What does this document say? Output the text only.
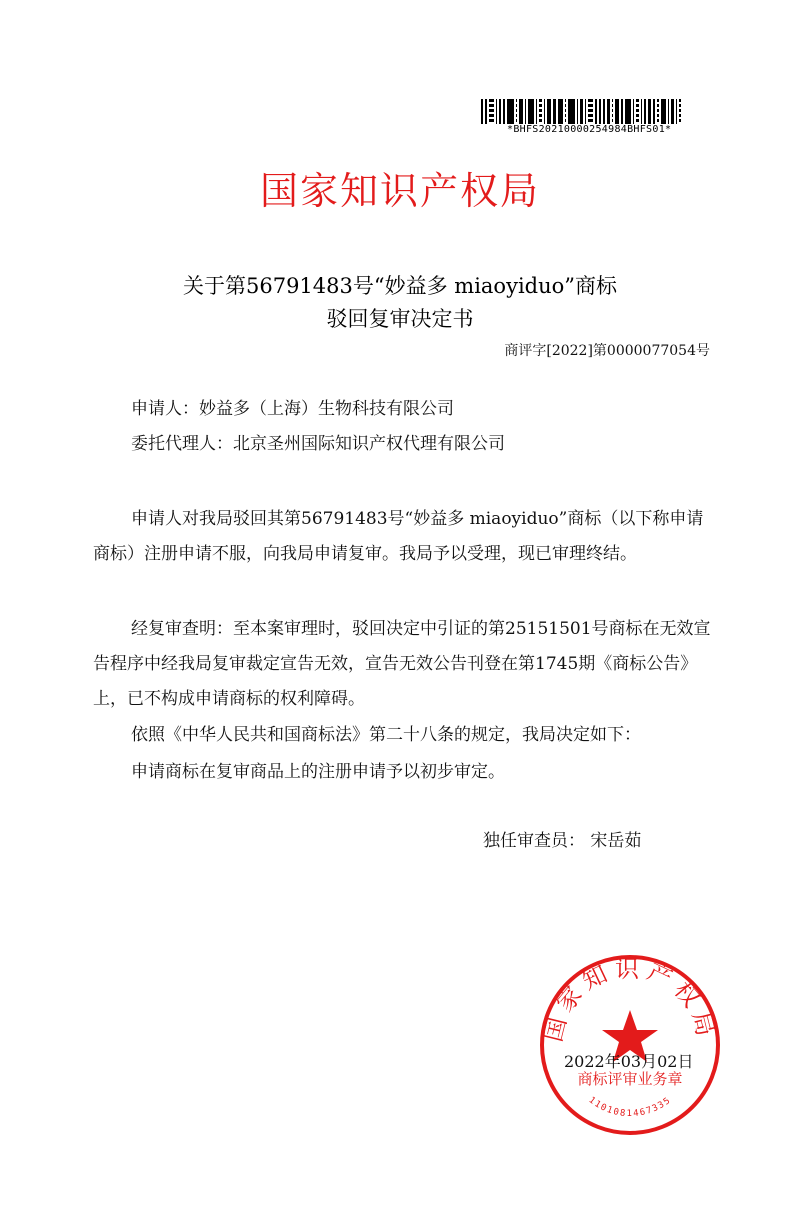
*BHFS20210000254984BHFS01*
国家知识产权局
关于第56791483号“妙益多 miaoyiduo”商标
驳回复审决定书
商评字[2022]第0000077054号
申请人：妙益多（上海）生物科技有限公司
委托代理人：北京圣州国际知识产权代理有限公司
申请人对我局驳回其第56791483号“妙益多 miaoyiduo”商标（以下称申请商标）注册申请不服，向我局申请复审。我局予以受理，现已审理终结。
经复审查明：至本案审理时，驳回决定中引证的第25151501号商标在无效宣告程序中经我局复审裁定宣告无效，宣告无效公告刊登在第1745期《商标公告》上，已不构成申请商标的权利障碍。
依照《中华人民共和国商标法》第二十八条的规定，我局决定如下：
申请商标在复审商品上的注册申请予以初步审定。
独任审查员： 宋岳茹
国家知识产权局
商标评审业务章
1101081467335
2022年03月02日
